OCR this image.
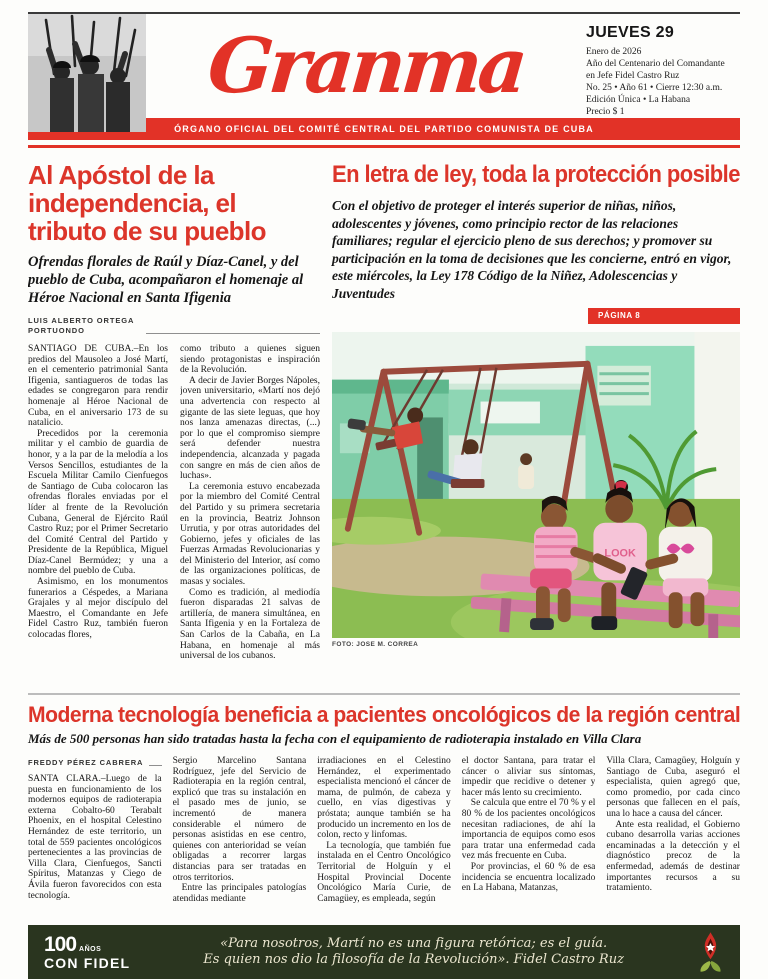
Granma	JUEVES 29
Enero de 2026
Año del Centenario del Comandante
en Jefe Fidel Castro Ruz
No. 25 • Año 61 • Cierre 12:30 a.m.
Edición Única • La Habana
Precio $ 1
ÓRGANO OFICIAL DEL COMITÉ CENTRAL DEL PARTIDO COMUNISTA DE CUBA
Al Apóstol de la independencia, el tributo de su pueblo
Ofrendas florales de Raúl y Díaz-Canel, y del pueblo de Cuba, acompañaron el homenaje al Héroe Nacional en Santa Ifigenia
LUIS ALBERTO ORTEGA PORTUONDO

SANTIAGO DE CUBA.–En los predios del Mausoleo a José Martí, en el cementerio patrimonial Santa Ifigenia, santiagueros de todas las edades se congregaron para rendir homenaje al Héroe Nacional de Cuba, en el aniversario 173 de su natalicio.

Precedidos por la ceremonia militar y el cambio de guardia de honor, y a la par de la melodía a los Versos Sencillos, estudiantes de la Escuela Militar Camilo Cienfuegos de Santiago de Cuba colocaron las ofrendas florales enviadas por el líder al frente de la Revolución Cubana, General de Ejército Raúl Castro Ruz; por el Primer Secretario del Comité Central del Partido y Presidente de la República, Miguel Díaz-Canel Bermúdez; y una a nombre del pueblo de Cuba.

Asimismo, en los monumentos funerarios a Céspedes, a Mariana Grajales y al mejor discípulo del Maestro, el Comandante en Jefe Fidel Castro Ruz, también fueron colocadas flores,

como tributo a quienes siguen siendo protagonistas e inspiración de la Revolución.

A decir de Javier Borges Nápoles, joven universitario, «Martí nos dejó una advertencia con respecto al gigante de las siete leguas, que hoy nos lanza amenazas directas, (...) por lo que el compromiso siempre será defender nuestra independencia, alcanzada y pagada con sangre en más de cien años de luchas».

La ceremonia estuvo encabezada por la miembro del Comité Central del Partido y su primera secretaria en la provincia, Beatriz Johnson Urrutia, y por otras autoridades del Gobierno, jefes y oficiales de las Fuerzas Armadas Revolucionarias y del Ministerio del Interior, así como de las organizaciones políticas, de masas y sociales.

Como es tradición, al mediodía fueron disparadas 21 salvas de artillería, de manera simultánea, en Santa Ifigenia y en la Fortaleza de San Carlos de la Cabaña, en La Habana, en homenaje al más universal de los cubanos.

En letra de ley, toda la protección posible
Con el objetivo de proteger el interés superior de niñas, niños, adolescentes y jóvenes, como principio rector de las relaciones familiares; regular el ejercicio pleno de sus derechos; y promover su participación en la toma de decisiones que les concierne, entró en vigor, este miércoles, la Ley 178 Código de la Niñez, Adolescencias y Juventudes
PÁGINA 8
LOOK
FOTO: JOSE M. CORREA
Moderna tecnología beneficia a pacientes oncológicos de la región central
Más de 500 personas han sido tratadas hasta la fecha con el equipamiento de radioterapia instalado en Villa Clara
FREDDY PÉREZ CABRERA

SANTA CLARA.–Luego de la puesta en funcionamiento de los modernos equipos de radioterapia externa Cobalto-60 Terabalt Phoenix, en el hospital Celestino Hernández de este territorio, un total de 559 pacientes oncológicos pertenecientes a las provincias de Villa Clara, Cienfuegos, Sancti Spíritus, Matanzas y Ciego de Ávila fueron favorecidos con esta tecnología.

Sergio Marcelino Santana Rodríguez, jefe del Servicio de Radioterapia en la región central, explicó que tras su instalación en el pasado mes de junio, se incrementó de manera considerable el número de personas asistidas en ese centro, quienes con anterioridad se veían obligadas a recorrer largas distancias para ser tratadas en otros territorios.

Entre las principales patologías atendidas mediante

irradiaciones en el Celestino Hernández, el experimentado especialista mencionó el cáncer de mama, de pulmón, de cabeza y cuello, en vías digestivas y próstata; aunque también se ha producido un incremento en los de colon, recto y linfomas.

La tecnología, que también fue instalada en el Centro Oncológico Territorial de Holguín y el Hospital Provincial Docente Oncológico María Curie, de Camagüey, es empleada, según

el doctor Santana, para tratar el cáncer o aliviar sus síntomas, impedir que recidive o detener y hacer más lento su crecimiento.

Se calcula que entre el 70 % y el 80 % de los pacientes oncológicos necesitan radiaciones, de ahí la importancia de equipos como esos para tratar una enfermedad cada vez más frecuente en Cuba.

Por provincias, el 60 % de esa incidencia se encuentra localizado en La Habana, Matanzas,

Villa Clara, Camagüey, Holguín y Santiago de Cuba, aseguró el especialista, quien agregó que, como promedio, por cada cinco personas que fallecen en el país, una lo hace a causa del cáncer.

Ante esta realidad, el Gobierno cubano desarrolla varias acciones encaminadas a la detección y el diagnóstico precoz de la enfermedad, además de destinar importantes recursos a su tratamiento.

100 AÑOS
CON FIDEL
«Para nosotros, Martí no es una figura retórica; es el guía.
Es quien nos dio la filosofía de la Revolución». Fidel Castro Ruz
